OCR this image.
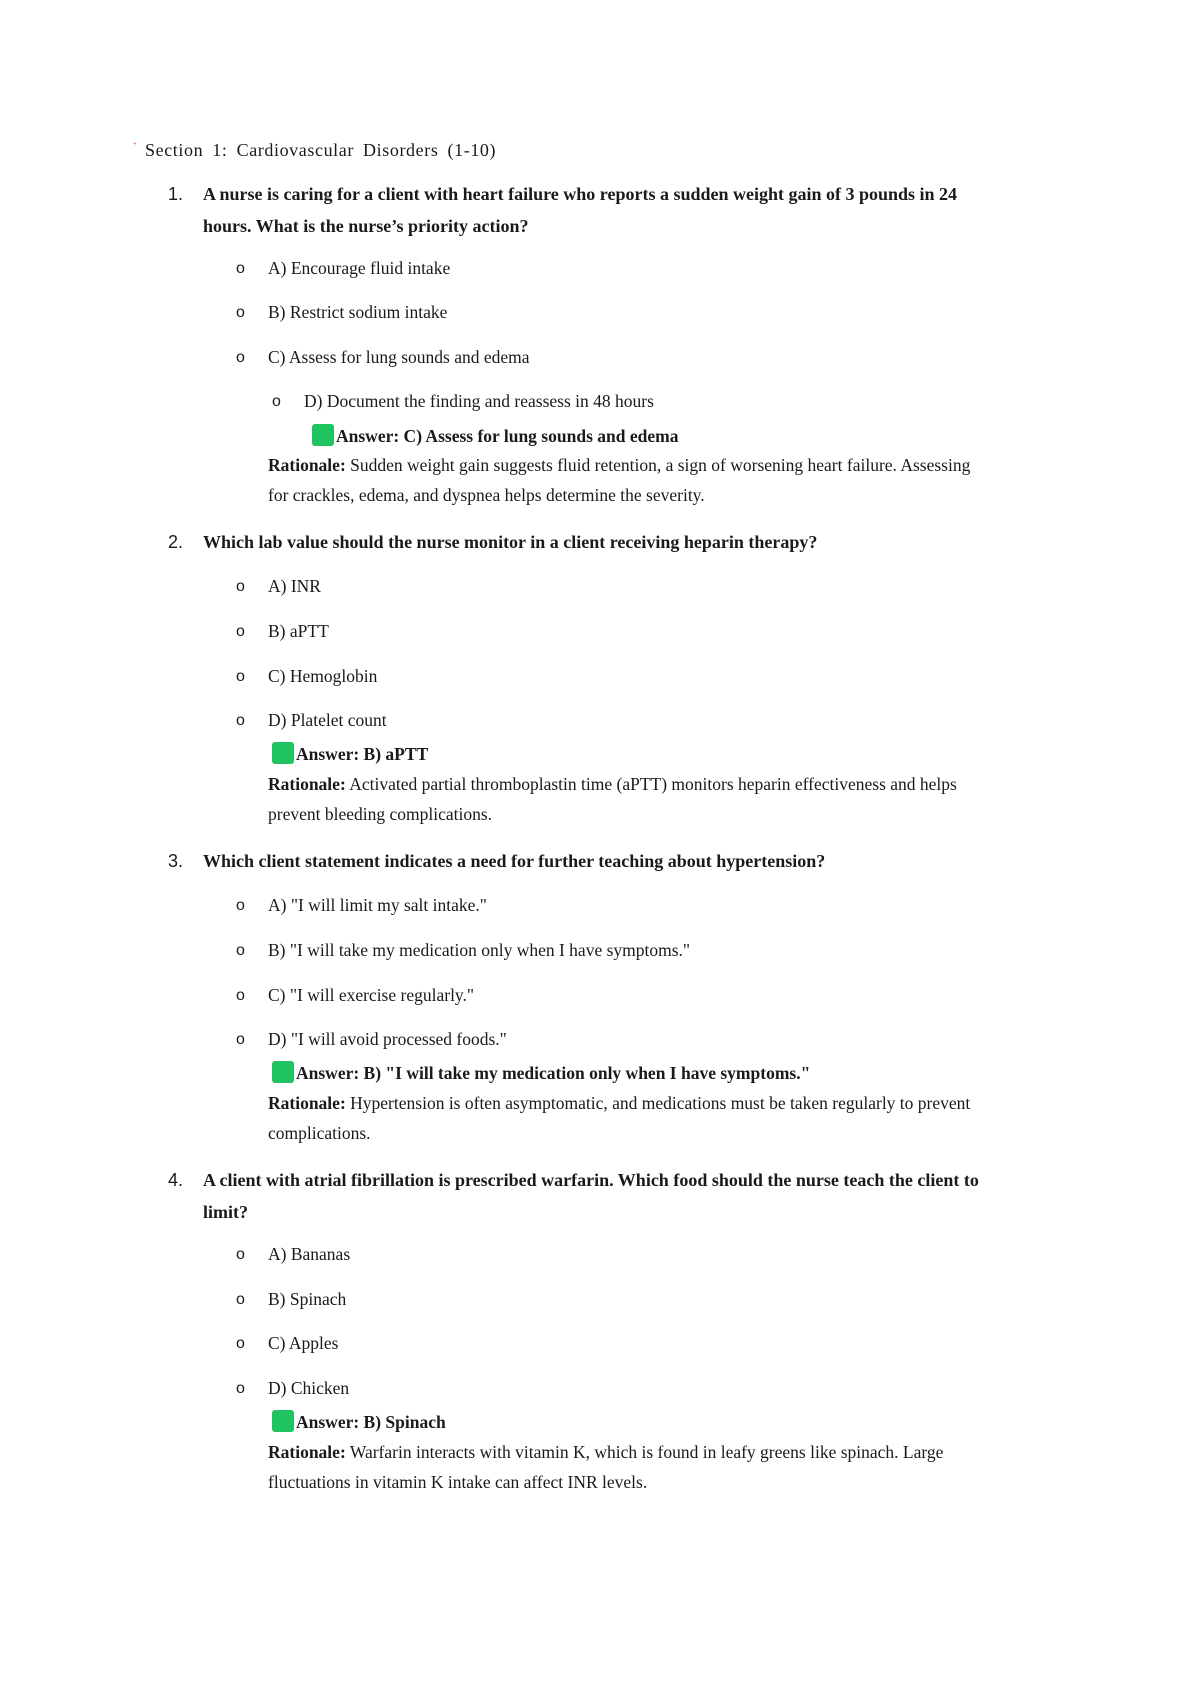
ˋ Section 1: Cardiovascular Disorders (1-10)
1. A nurse is caring for a client with heart failure who reports a sudden weight gain of 3 pounds in 24 hours. What is the nurse’s priority action?
o A) Encourage fluid intake
o B) Restrict sodium intake
o C) Assess for lung sounds and edema
o D) Document the finding and reassess in 48 hours
Answer: C) Assess for lung sounds and edema
Rationale: Sudden weight gain suggests fluid retention, a sign of worsening heart failure. Assessing for crackles, edema, and dyspnea helps determine the severity.
2. Which lab value should the nurse monitor in a client receiving heparin therapy?
o A) INR
o B) aPTT
o C) Hemoglobin
o D) Platelet count
Answer: B) aPTT
Rationale: Activated partial thromboplastin time (aPTT) monitors heparin effectiveness and helps prevent bleeding complications.
3. Which client statement indicates a need for further teaching about hypertension?
o A) "I will limit my salt intake."
o B) "I will take my medication only when I have symptoms."
o C) "I will exercise regularly."
o D) "I will avoid processed foods."
Answer: B) "I will take my medication only when I have symptoms."
Rationale: Hypertension is often asymptomatic, and medications must be taken regularly to prevent complications.
4. A client with atrial fibrillation is prescribed warfarin. Which food should the nurse teach the client to limit?
o A) Bananas
o B) Spinach
o C) Apples
o D) Chicken
Answer: B) Spinach
Rationale: Warfarin interacts with vitamin K, which is found in leafy greens like spinach. Large fluctuations in vitamin K intake can affect INR levels.
